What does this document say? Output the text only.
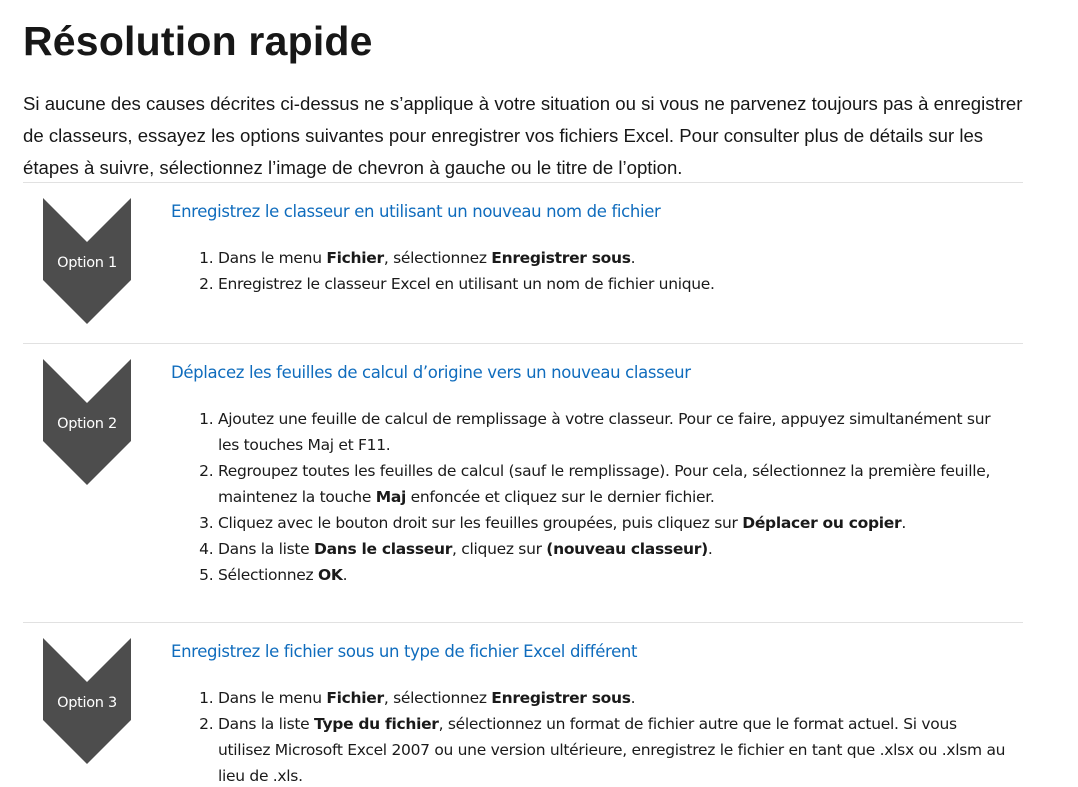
Résolution rapide

Si aucune des causes décrites ci-dessus ne s’applique à votre situation ou si vous ne parvenez toujours pas à enregistrer de classeurs, essayez les options suivantes pour enregistrer vos fichiers Excel. Pour consulter plus de détails sur les étapes à suivre, sélectionnez l’image de chevron à gauche ou le titre de l’option.

Option 1
Enregistrez le classeur en utilisant un nouveau nom de fichier
1. Dans le menu Fichier, sélectionnez Enregistrer sous.
2. Enregistrez le classeur Excel en utilisant un nom de fichier unique.
Option 2
Déplacez les feuilles de calcul d’origine vers un nouveau classeur
1. Ajoutez une feuille de calcul de remplissage à votre classeur. Pour ce faire, appuyez simultanément sur les touches Maj et F11.
2. Regroupez toutes les feuilles de calcul (sauf le remplissage). Pour cela, sélectionnez la première feuille, maintenez la touche Maj enfoncée et cliquez sur le dernier fichier.
3. Cliquez avec le bouton droit sur les feuilles groupées, puis cliquez sur Déplacer ou copier.
4. Dans la liste Dans le classeur, cliquez sur (nouveau classeur).
5. Sélectionnez OK.
Option 3
Enregistrez le fichier sous un type de fichier Excel différent
1. Dans le menu Fichier, sélectionnez Enregistrer sous.
2. Dans la liste Type du fichier, sélectionnez un format de fichier autre que le format actuel. Si vous utilisez Microsoft Excel 2007 ou une version ultérieure, enregistrez le fichier en tant que .xlsx ou .xlsm au lieu de .xls.
